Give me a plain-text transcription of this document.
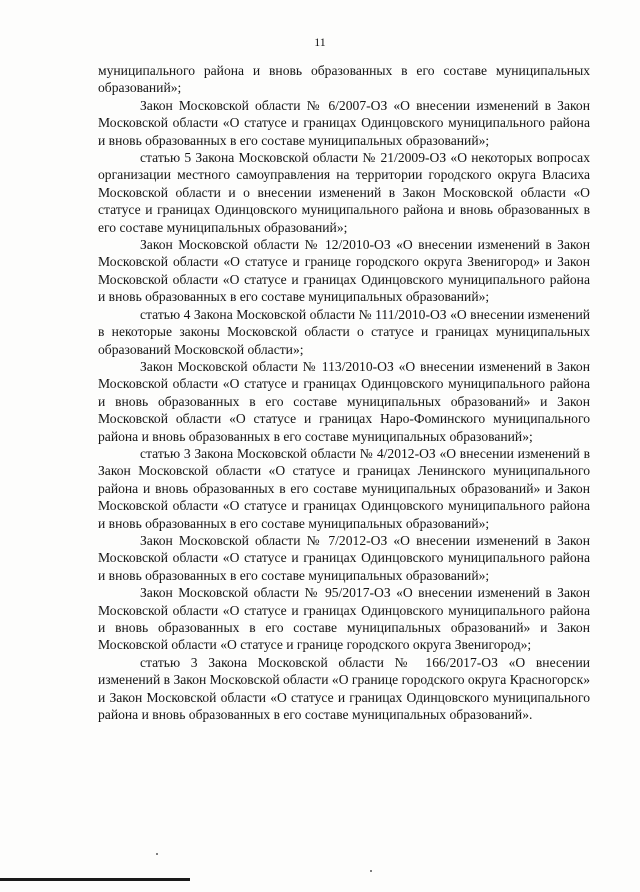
11

муниципального района и вновь образованных в его составе муниципальных образований»;

Закон Московской области № 6/2007-ОЗ «О внесении изменений в Закон Московской области «О статусе и границах Одинцовского муниципального района и вновь образованных в его составе муниципальных образований»;

статью 5 Закона Московской области № 21/2009-ОЗ «О некоторых вопросах организации местного самоуправления на территории городского округа Власиха Московской области и о внесении изменений в Закон Московской области «О статусе и границах Одинцовского муниципального района и вновь образованных в его составе муниципальных образований»;

Закон Московской области № 12/2010-ОЗ «О внесении изменений в Закон Московской области «О статусе и границе городского округа Звенигород» и Закон Московской области «О статусе и границах Одинцовского муниципального района и вновь образованных в его составе муниципальных образований»;

статью 4 Закона Московской области № 111/2010-ОЗ «О внесении изменений в некоторые законы Московской области о статусе и границах муниципальных образований Московской области»;

Закон Московской области № 113/2010-ОЗ «О внесении изменений в Закон Московской области «О статусе и границах Одинцовского муниципального района и вновь образованных в его составе муниципальных образований» и Закон Московской области «О статусе и границах Наро-Фоминского муниципального района и вновь образованных в его составе муниципальных образований»;

статью 3 Закона Московской области № 4/2012-ОЗ «О внесении изменений в Закон Московской области «О статусе и границах Ленинского муниципального района и вновь образованных в его составе муниципальных образований» и Закон Московской области «О статусе и границах Одинцовского муниципального района и вновь образованных в его составе муниципальных образований»;

Закон Московской области № 7/2012-ОЗ «О внесении изменений в Закон Московской области «О статусе и границах Одинцовского муниципального района и вновь образованных в его составе муниципальных образований»;

Закон Московской области № 95/2017-ОЗ «О внесении изменений в Закон Московской области «О статусе и границах Одинцовского муниципального района и вновь образованных в его составе муниципальных образований» и Закон Московской области «О статусе и границе городского округа Звенигород»;

статью 3 Закона Московской области № 166/2017-ОЗ «О внесении изменений в Закон Московской области «О границе городского округа Красногорск» и Закон Московской области «О статусе и границах Одинцовского муниципального района и вновь образованных в его составе муниципальных образований».
